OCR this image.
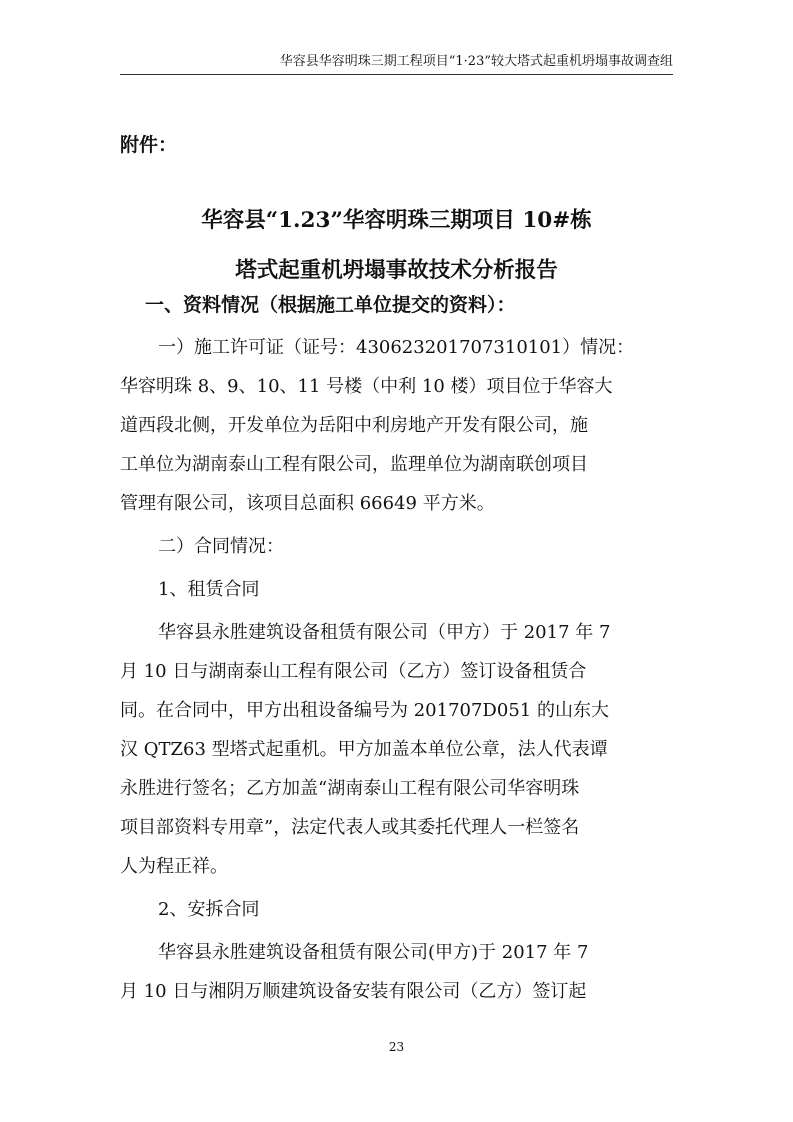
华容县华容明珠三期工程项目“1·23”较大塔式起重机坍塌事故调查组
附件：
华容县“1.23”华容明珠三期项目 10#栋
塔式起重机坍塌事故技术分析报告
一、资料情况（根据施工单位提交的资料）：
一）施工许可证（证号：430623201707310101）情况：
华容明珠 8、9、10、11 号楼（中利 10 楼）项目位于华容大
道西段北侧，开发单位为岳阳中利房地产开发有限公司，施
工单位为湖南泰山工程有限公司，监理单位为湖南联创项目
管理有限公司，该项目总面积 66649 平方米。
二）合同情况：
1、租赁合同
华容县永胜建筑设备租赁有限公司（甲方）于 2017 年 7
月 10 日与湖南泰山工程有限公司（乙方）签订设备租赁合
同。在合同中，甲方出租设备编号为 201707D051 的山东大
汉 QTZ63 型塔式起重机。甲方加盖本单位公章，法人代表谭
永胜进行签名；乙方加盖“湖南泰山工程有限公司华容明珠
项目部资料专用章”，法定代表人或其委托代理人一栏签名
人为程正祥。
2、安拆合同
华容县永胜建筑设备租赁有限公司(甲方)于 2017 年 7
月 10 日与湘阴万顺建筑设备安装有限公司（乙方）签订起
23
